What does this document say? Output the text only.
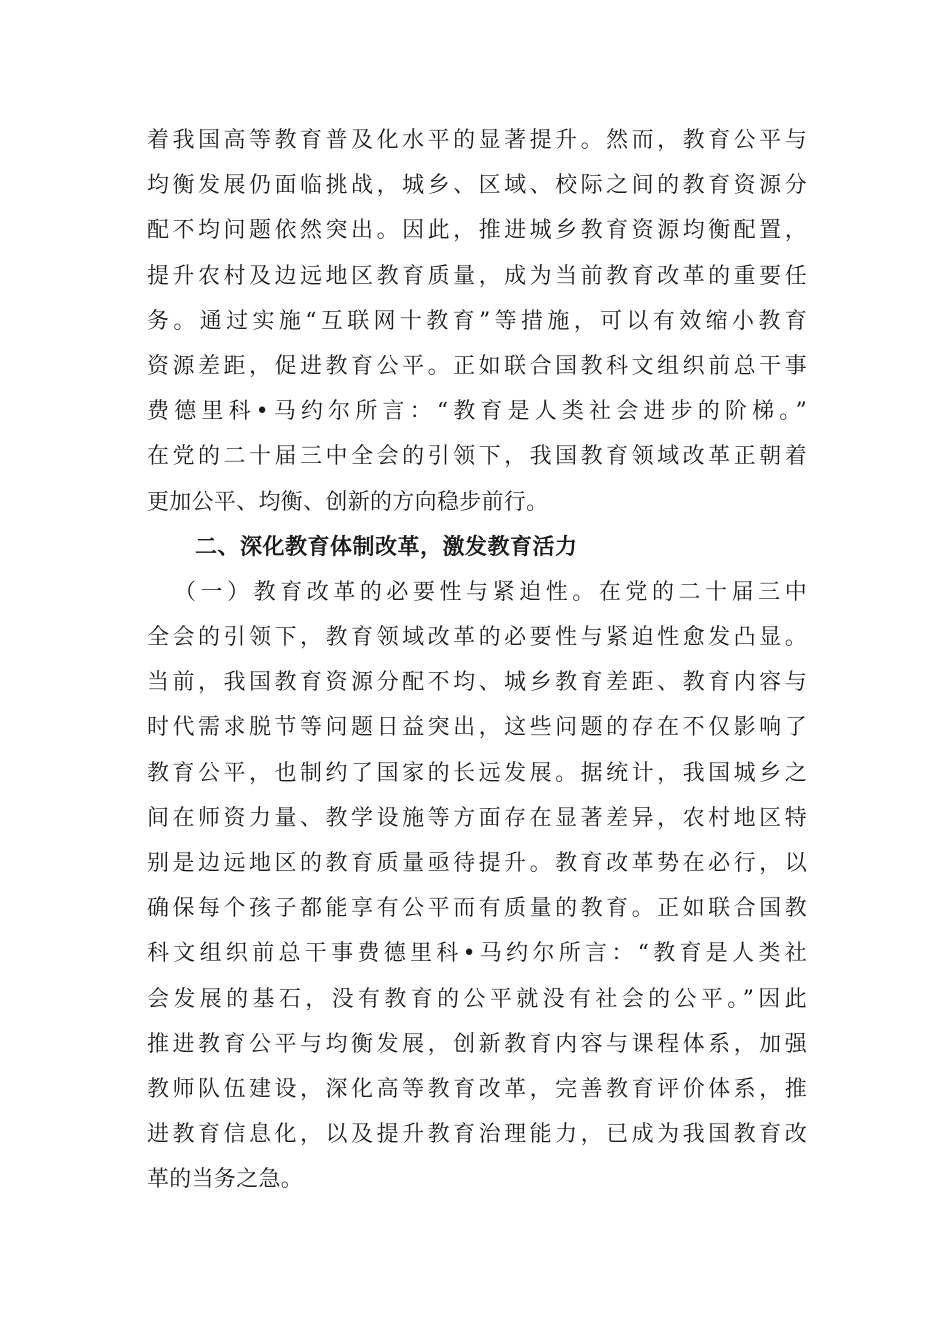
着我国高等教育普及化水平的显著提升。然而，教育公平与
均衡发展仍面临挑战，城乡、区域、校际之间的教育资源分
配不均问题依然突出。因此，推进城乡教育资源均衡配置，
提升农村及边远地区教育质量，成为当前教育改革的重要任
务。通过实施“互联网十教育”等措施，可以有效缩小教育
资源差距，促进教育公平。正如联合国教科文组织前总干事
费德里科•马约尔所言：“教育是人类社会进步的阶梯。”
在党的二十届三中全会的引领下，我国教育领域改革正朝着
更加公平、均衡、创新的方向稳步前行。
二、深化教育体制改革，激发教育活力
（一）教育改革的必要性与紧迫性。在党的二十届三中
全会的引领下，教育领域改革的必要性与紧迫性愈发凸显。
当前，我国教育资源分配不均、城乡教育差距、教育内容与
时代需求脱节等问题日益突出，这些问题的存在不仅影响了
教育公平，也制约了国家的长远发展。据统计，我国城乡之
间在师资力量、教学设施等方面存在显著差异，农村地区特
别是边远地区的教育质量亟待提升。教育改革势在必行，以
确保每个孩子都能享有公平而有质量的教育。正如联合国教
科文组织前总干事费德里科•马约尔所言：“教育是人类社
会发展的基石，没有教育的公平就没有社会的公平。”因此
推进教育公平与均衡发展，创新教育内容与课程体系，加强
教师队伍建设，深化高等教育改革，完善教育评价体系，推
进教育信息化，以及提升教育治理能力，已成为我国教育改
革的当务之急。
